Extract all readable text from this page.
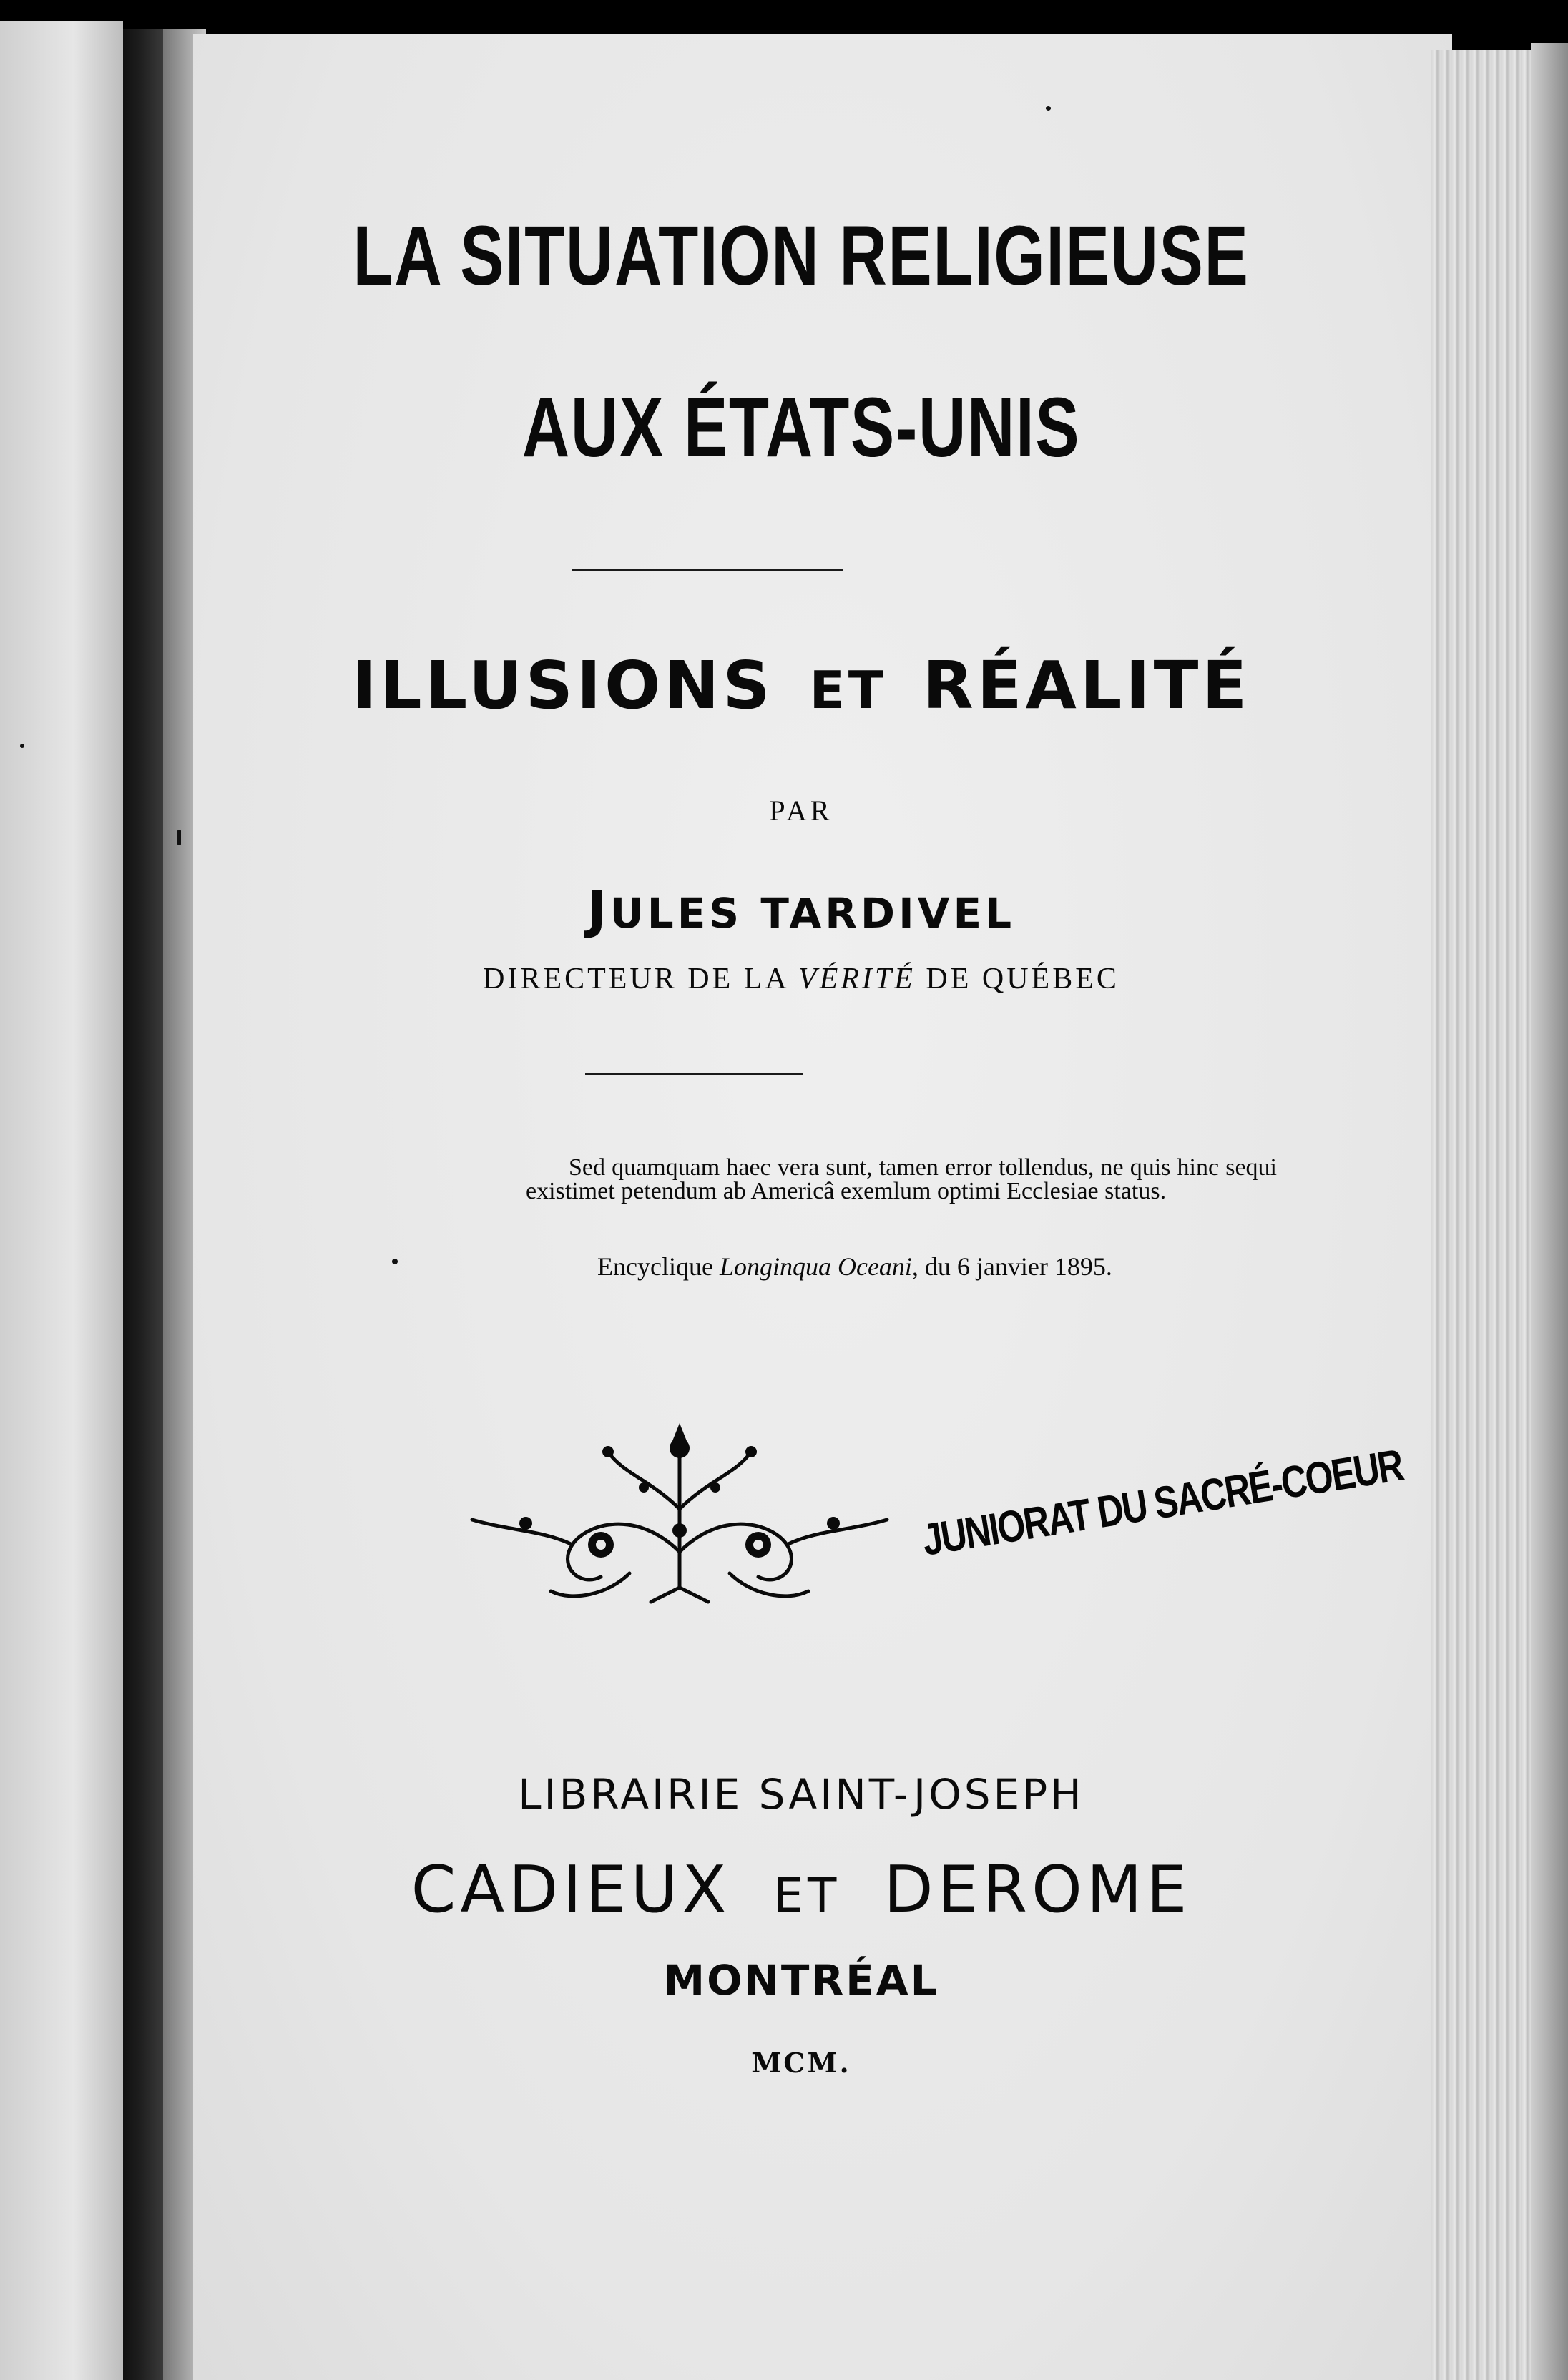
LA SITUATION RELIGIEUSE
AUX ÉTATS-UNIS
ILLUSIONS ET RÉALITÉ
PAR
JULES TARDIVEL
DIRECTEUR DE LA VÉRITÉ DE QUÉBEC
Sed quamquam haec vera sunt, tamen error tollendus, ne quis hinc sequi existimet petendum ab Americâ exemlum optimi Ecclesiae status.
Encyclique Longinqua Oceani, du 6 janvier 1895.
JUNIORAT DU SACRÉ-COEUR
LIBRAIRIE SAINT-JOSEPH
CADIEUX ET DEROME
MONTRÉAL
MCM.
